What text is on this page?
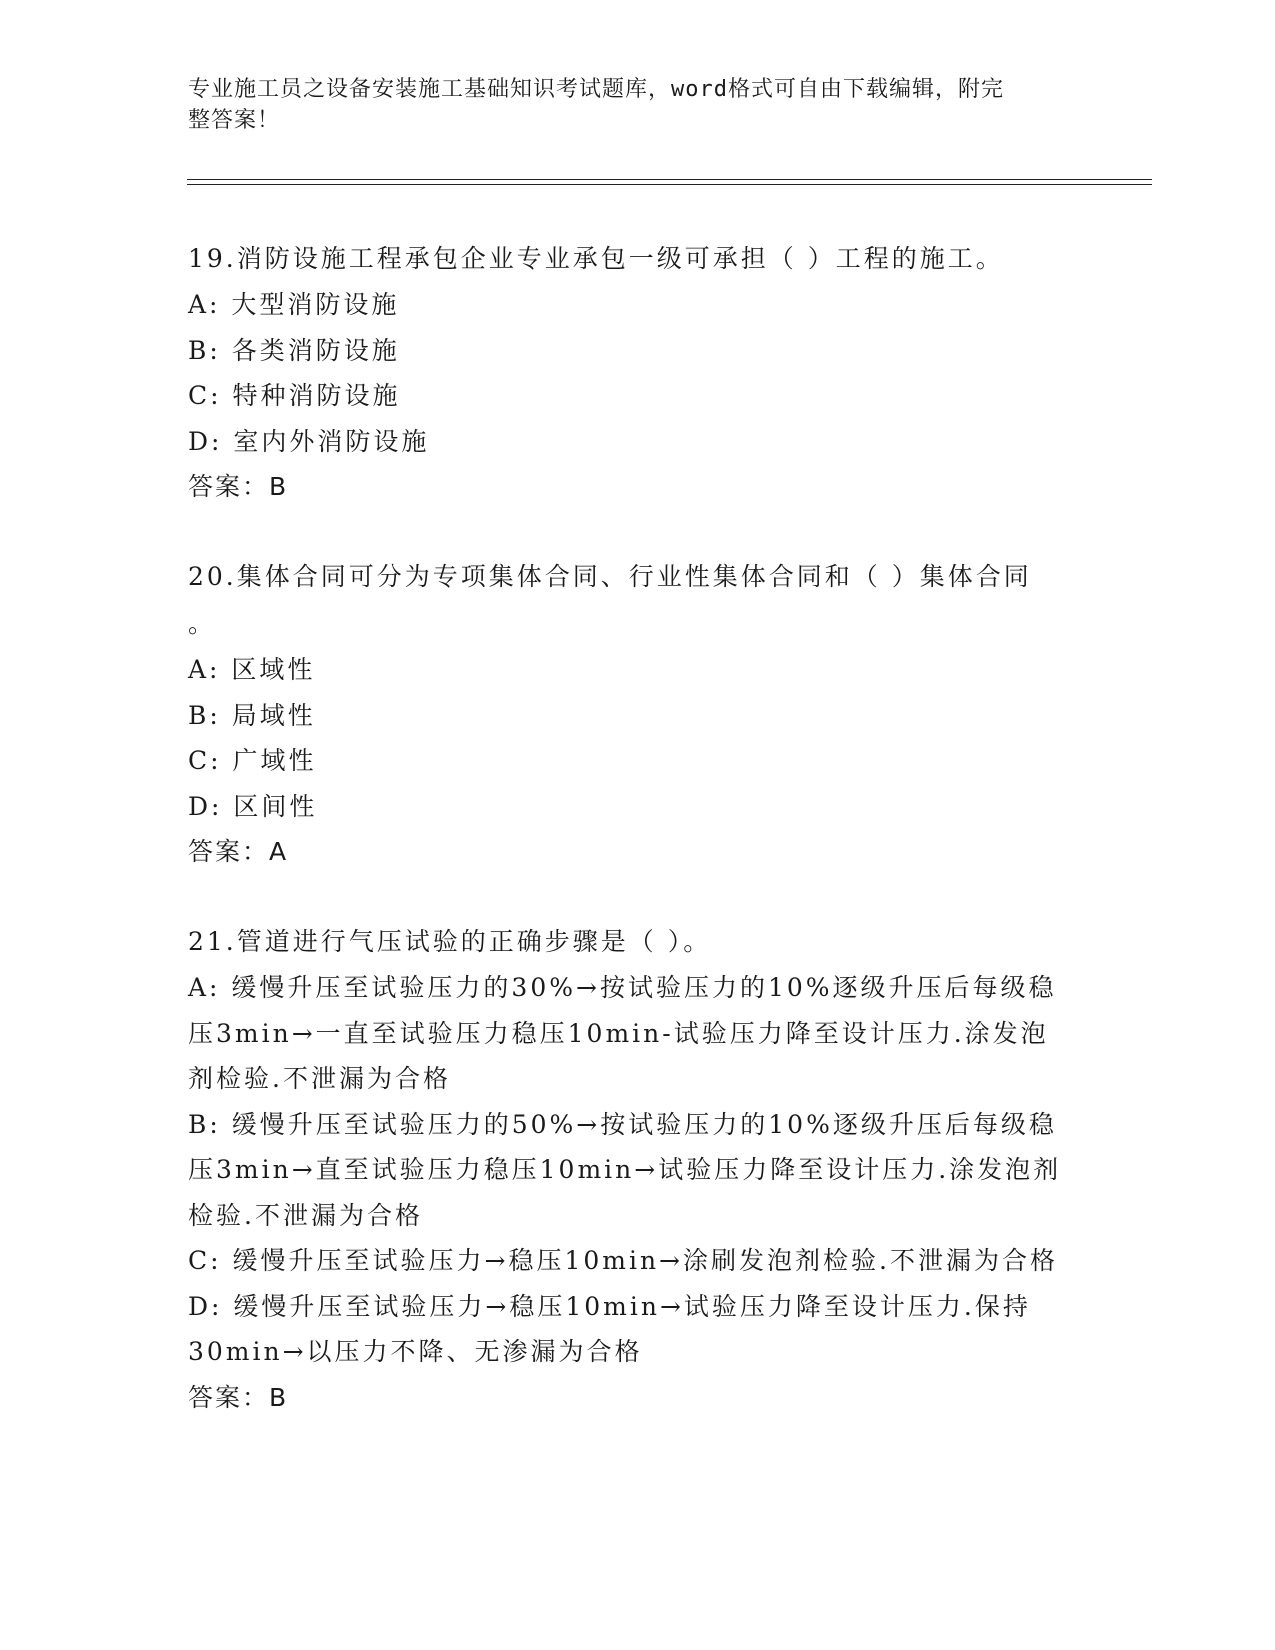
专业施工员之设备安装施工基础知识考试题库，word格式可自由下载编辑，附完
整答案！
19.消防设施工程承包企业专业承包一级可承担（ ）工程的施工。
A: 大型消防设施
B: 各类消防设施
C: 特种消防设施
D: 室内外消防设施
答案：B
20.集体合同可分为专项集体合同、行业性集体合同和（ ）集体合同
。
A: 区域性
B: 局域性
C: 广域性
D: 区间性
答案：A
21.管道进行气压试验的正确步骤是（ ）。
A: 缓慢升压至试验压力的30%→按试验压力的10%逐级升压后每级稳
压3min→一直至试验压力稳压10min-试验压力降至设计压力.涂发泡
剂检验.不泄漏为合格
B: 缓慢升压至试验压力的50%→按试验压力的10%逐级升压后每级稳
压3min→直至试验压力稳压10min→试验压力降至设计压力.涂发泡剂
检验.不泄漏为合格
C: 缓慢升压至试验压力→稳压10min→涂刷发泡剂检验.不泄漏为合格
D: 缓慢升压至试验压力→稳压10min→试验压力降至设计压力.保持
30min→以压力不降、无渗漏为合格
答案：B
